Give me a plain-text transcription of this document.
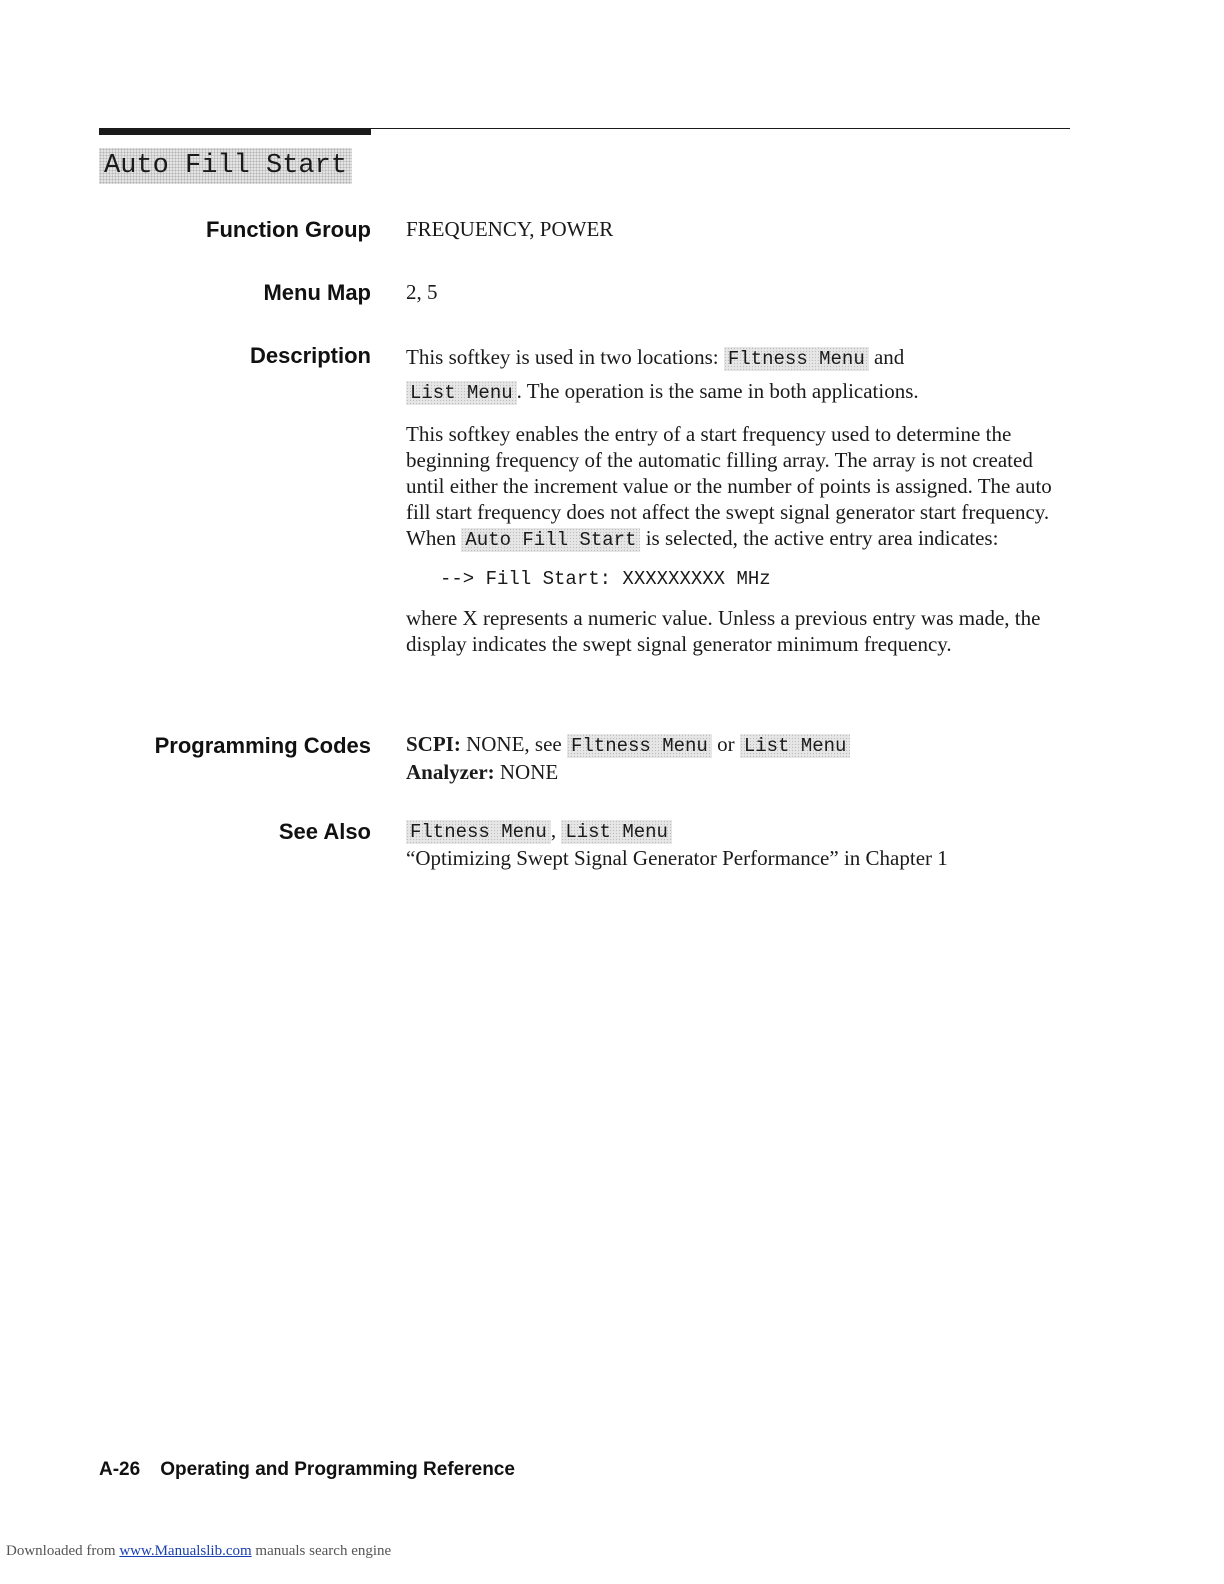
Auto Fill Start
Function Group FREQUENCY, POWER
Menu Map 2, 5
Description This softkey is used in two locations: Fltness Menu and
List Menu . The operation is the same in both applications.

This softkey enables the entry of a start frequency used to determine the beginning frequency of the automatic filling array. The array is not created until either the increment value or the number of points is assigned. The auto fill start frequency does not affect the swept signal generator start frequency. When Auto Fill Start is selected, the active entry area indicates:

--> Fill Start: XXXXXXXXX MHz

where X represents a numeric value. Unless a previous entry was made, the display indicates the swept signal generator minimum frequency.

Programming Codes SCPI: NONE, see Fltness Menu or List Menu

Analyzer: NONE

See Also Fltness Menu , List Menu

“Optimizing Swept Signal Generator Performance” in Chapter 1

A-26 Operating and Programming Reference
Downloaded from www.Manualslib.com manuals search engine
